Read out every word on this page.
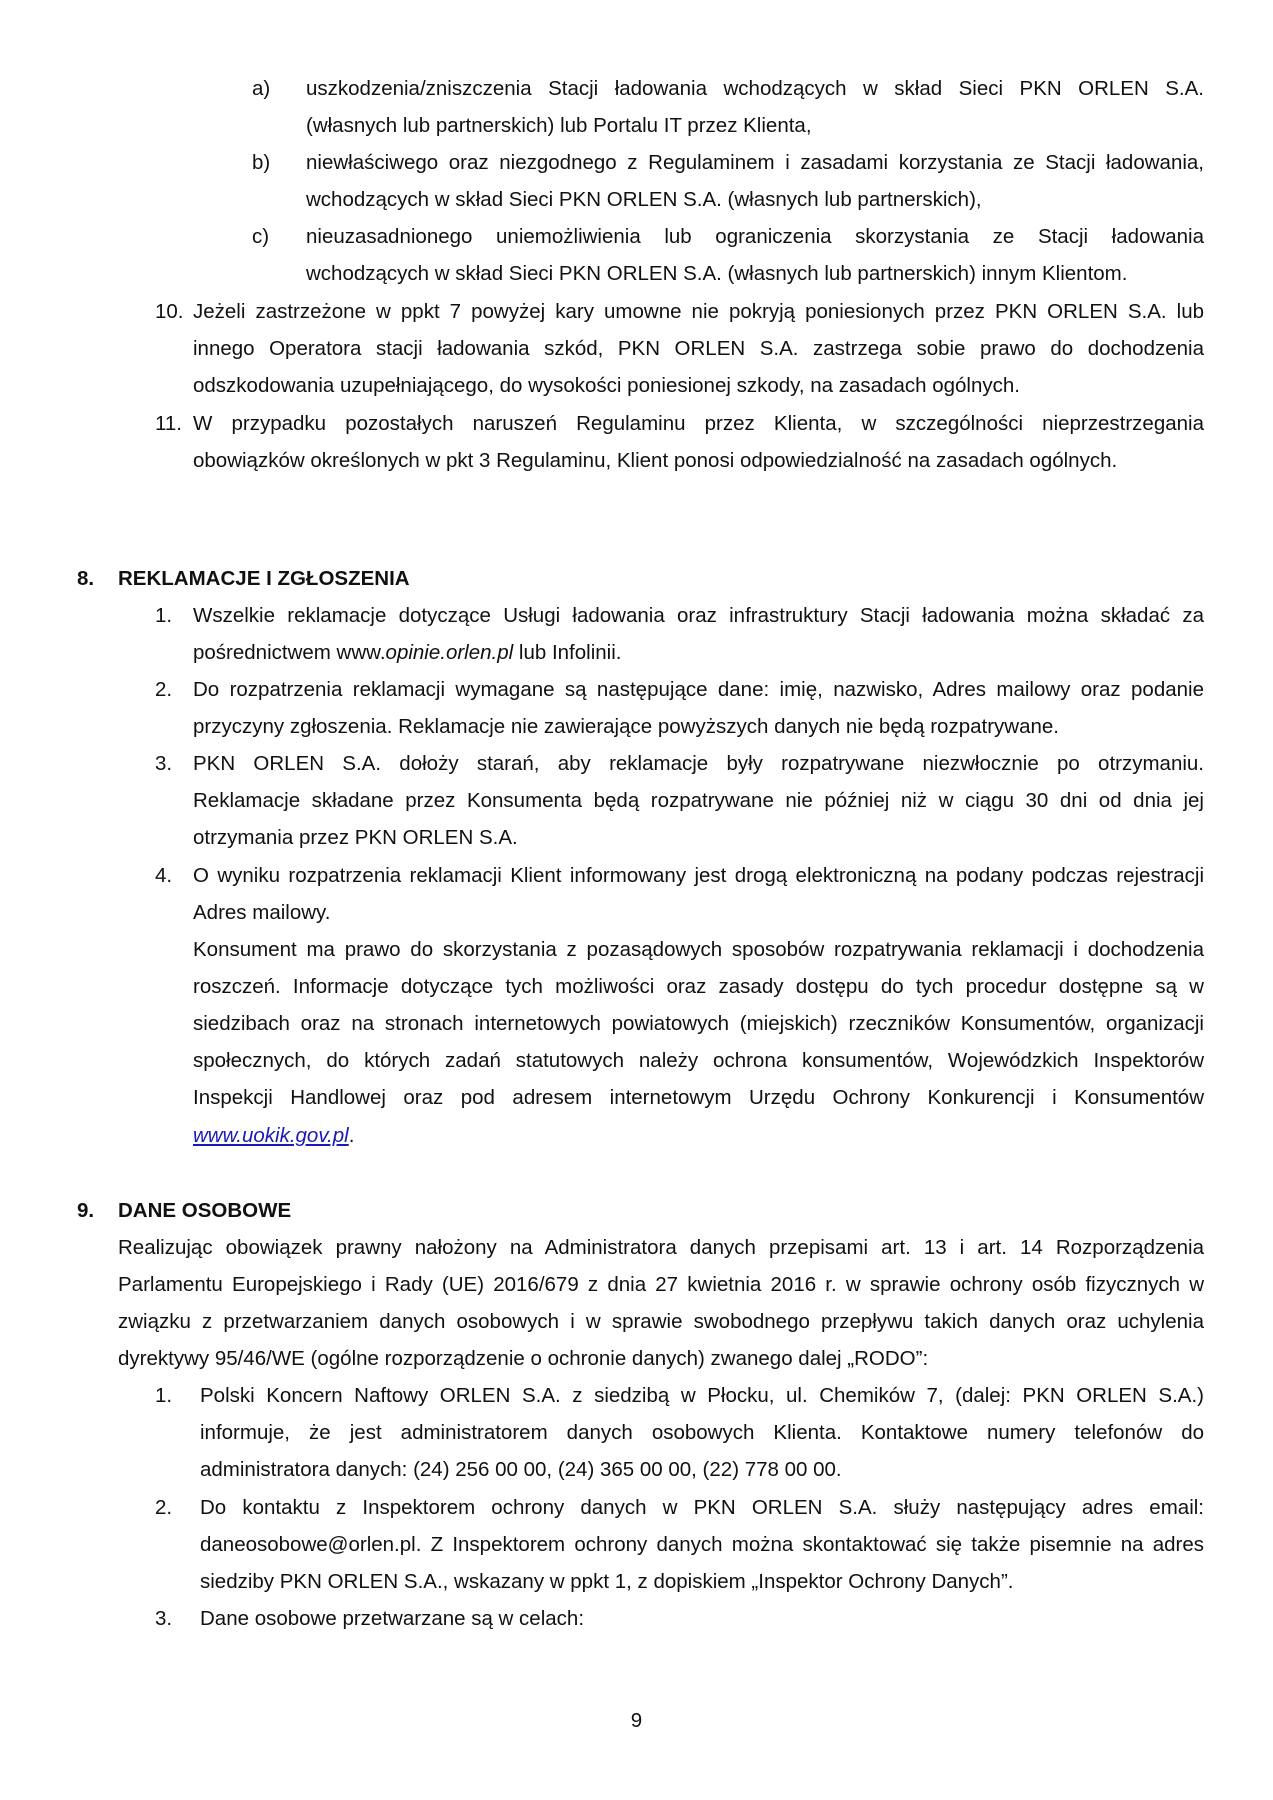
a) uszkodzenia/zniszczenia Stacji ładowania wchodzących w skład Sieci PKN ORLEN S.A.
(własnych lub partnerskich) lub Portalu IT przez Klienta,
b) niewłaściwego oraz niezgodnego z Regulaminem i zasadami korzystania ze Stacji ładowania,
wchodzących w skład Sieci PKN ORLEN S.A. (własnych lub partnerskich),
c) nieuzasadnionego uniemożliwienia lub ograniczenia skorzystania ze Stacji ładowania
wchodzących w skład Sieci PKN ORLEN S.A. (własnych lub partnerskich) innym Klientom.
10. Jeżeli zastrzeżone w ppkt 7 powyżej kary umowne nie pokryją poniesionych przez PKN ORLEN S.A. lub
innego Operatora stacji ładowania szkód, PKN ORLEN S.A. zastrzega sobie prawo do dochodzenia
odszkodowania uzupełniającego, do wysokości poniesionej szkody, na zasadach ogólnych.
11. W przypadku pozostałych naruszeń Regulaminu przez Klienta, w szczególności nieprzestrzegania
obowiązków określonych w pkt 3 Regulaminu, Klient ponosi odpowiedzialność na zasadach ogólnych.
8. REKLAMACJE I ZGŁOSZENIA
1. Wszelkie reklamacje dotyczące Usługi ładowania oraz infrastruktury Stacji ładowania można składać za
pośrednictwem www.opinie.orlen.pl lub Infolinii.
2. Do rozpatrzenia reklamacji wymagane są następujące dane: imię, nazwisko, Adres mailowy oraz podanie
przyczyny zgłoszenia. Reklamacje nie zawierające powyższych danych nie będą rozpatrywane.
3. PKN ORLEN S.A. dołoży starań, aby reklamacje były rozpatrywane niezwłocznie po otrzymaniu.
Reklamacje składane przez Konsumenta będą rozpatrywane nie później niż w ciągu 30 dni od dnia jej
otrzymania przez PKN ORLEN S.A.
4. O wyniku rozpatrzenia reklamacji Klient informowany jest drogą elektroniczną na podany podczas rejestracji
Adres mailowy.
Konsument ma prawo do skorzystania z pozasądowych sposobów rozpatrywania reklamacji i dochodzenia
roszczeń. Informacje dotyczące tych możliwości oraz zasady dostępu do tych procedur dostępne są w
siedzibach oraz na stronach internetowych powiatowych (miejskich) rzeczników Konsumentów, organizacji
społecznych, do których zadań statutowych należy ochrona konsumentów, Wojewódzkich Inspektorów
Inspekcji Handlowej oraz pod adresem internetowym Urzędu Ochrony Konkurencji i Konsumentów
www.uokik.gov.pl.
9. DANE OSOBOWE
Realizując obowiązek prawny nałożony na Administratora danych przepisami art. 13 i art. 14 Rozporządzenia
Parlamentu Europejskiego i Rady (UE) 2016/679 z dnia 27 kwietnia 2016 r. w sprawie ochrony osób fizycznych w
związku z przetwarzaniem danych osobowych i w sprawie swobodnego przepływu takich danych oraz uchylenia
dyrektywy 95/46/WE (ogólne rozporządzenie o ochronie danych) zwanego dalej „RODO”:
1. Polski Koncern Naftowy ORLEN S.A. z siedzibą w Płocku, ul. Chemików 7, (dalej: PKN ORLEN S.A.)
informuje, że jest administratorem danych osobowych Klienta. Kontaktowe numery telefonów do
administratora danych: (24) 256 00 00, (24) 365 00 00, (22) 778 00 00.
2. Do kontaktu z Inspektorem ochrony danych w PKN ORLEN S.A. służy następujący adres email:
daneosobowe@orlen.pl. Z Inspektorem ochrony danych można skontaktować się także pisemnie na adres
siedziby PKN ORLEN S.A., wskazany w ppkt 1, z dopiskiem „Inspektor Ochrony Danych”.
3. Dane osobowe przetwarzane są w celach:
9
